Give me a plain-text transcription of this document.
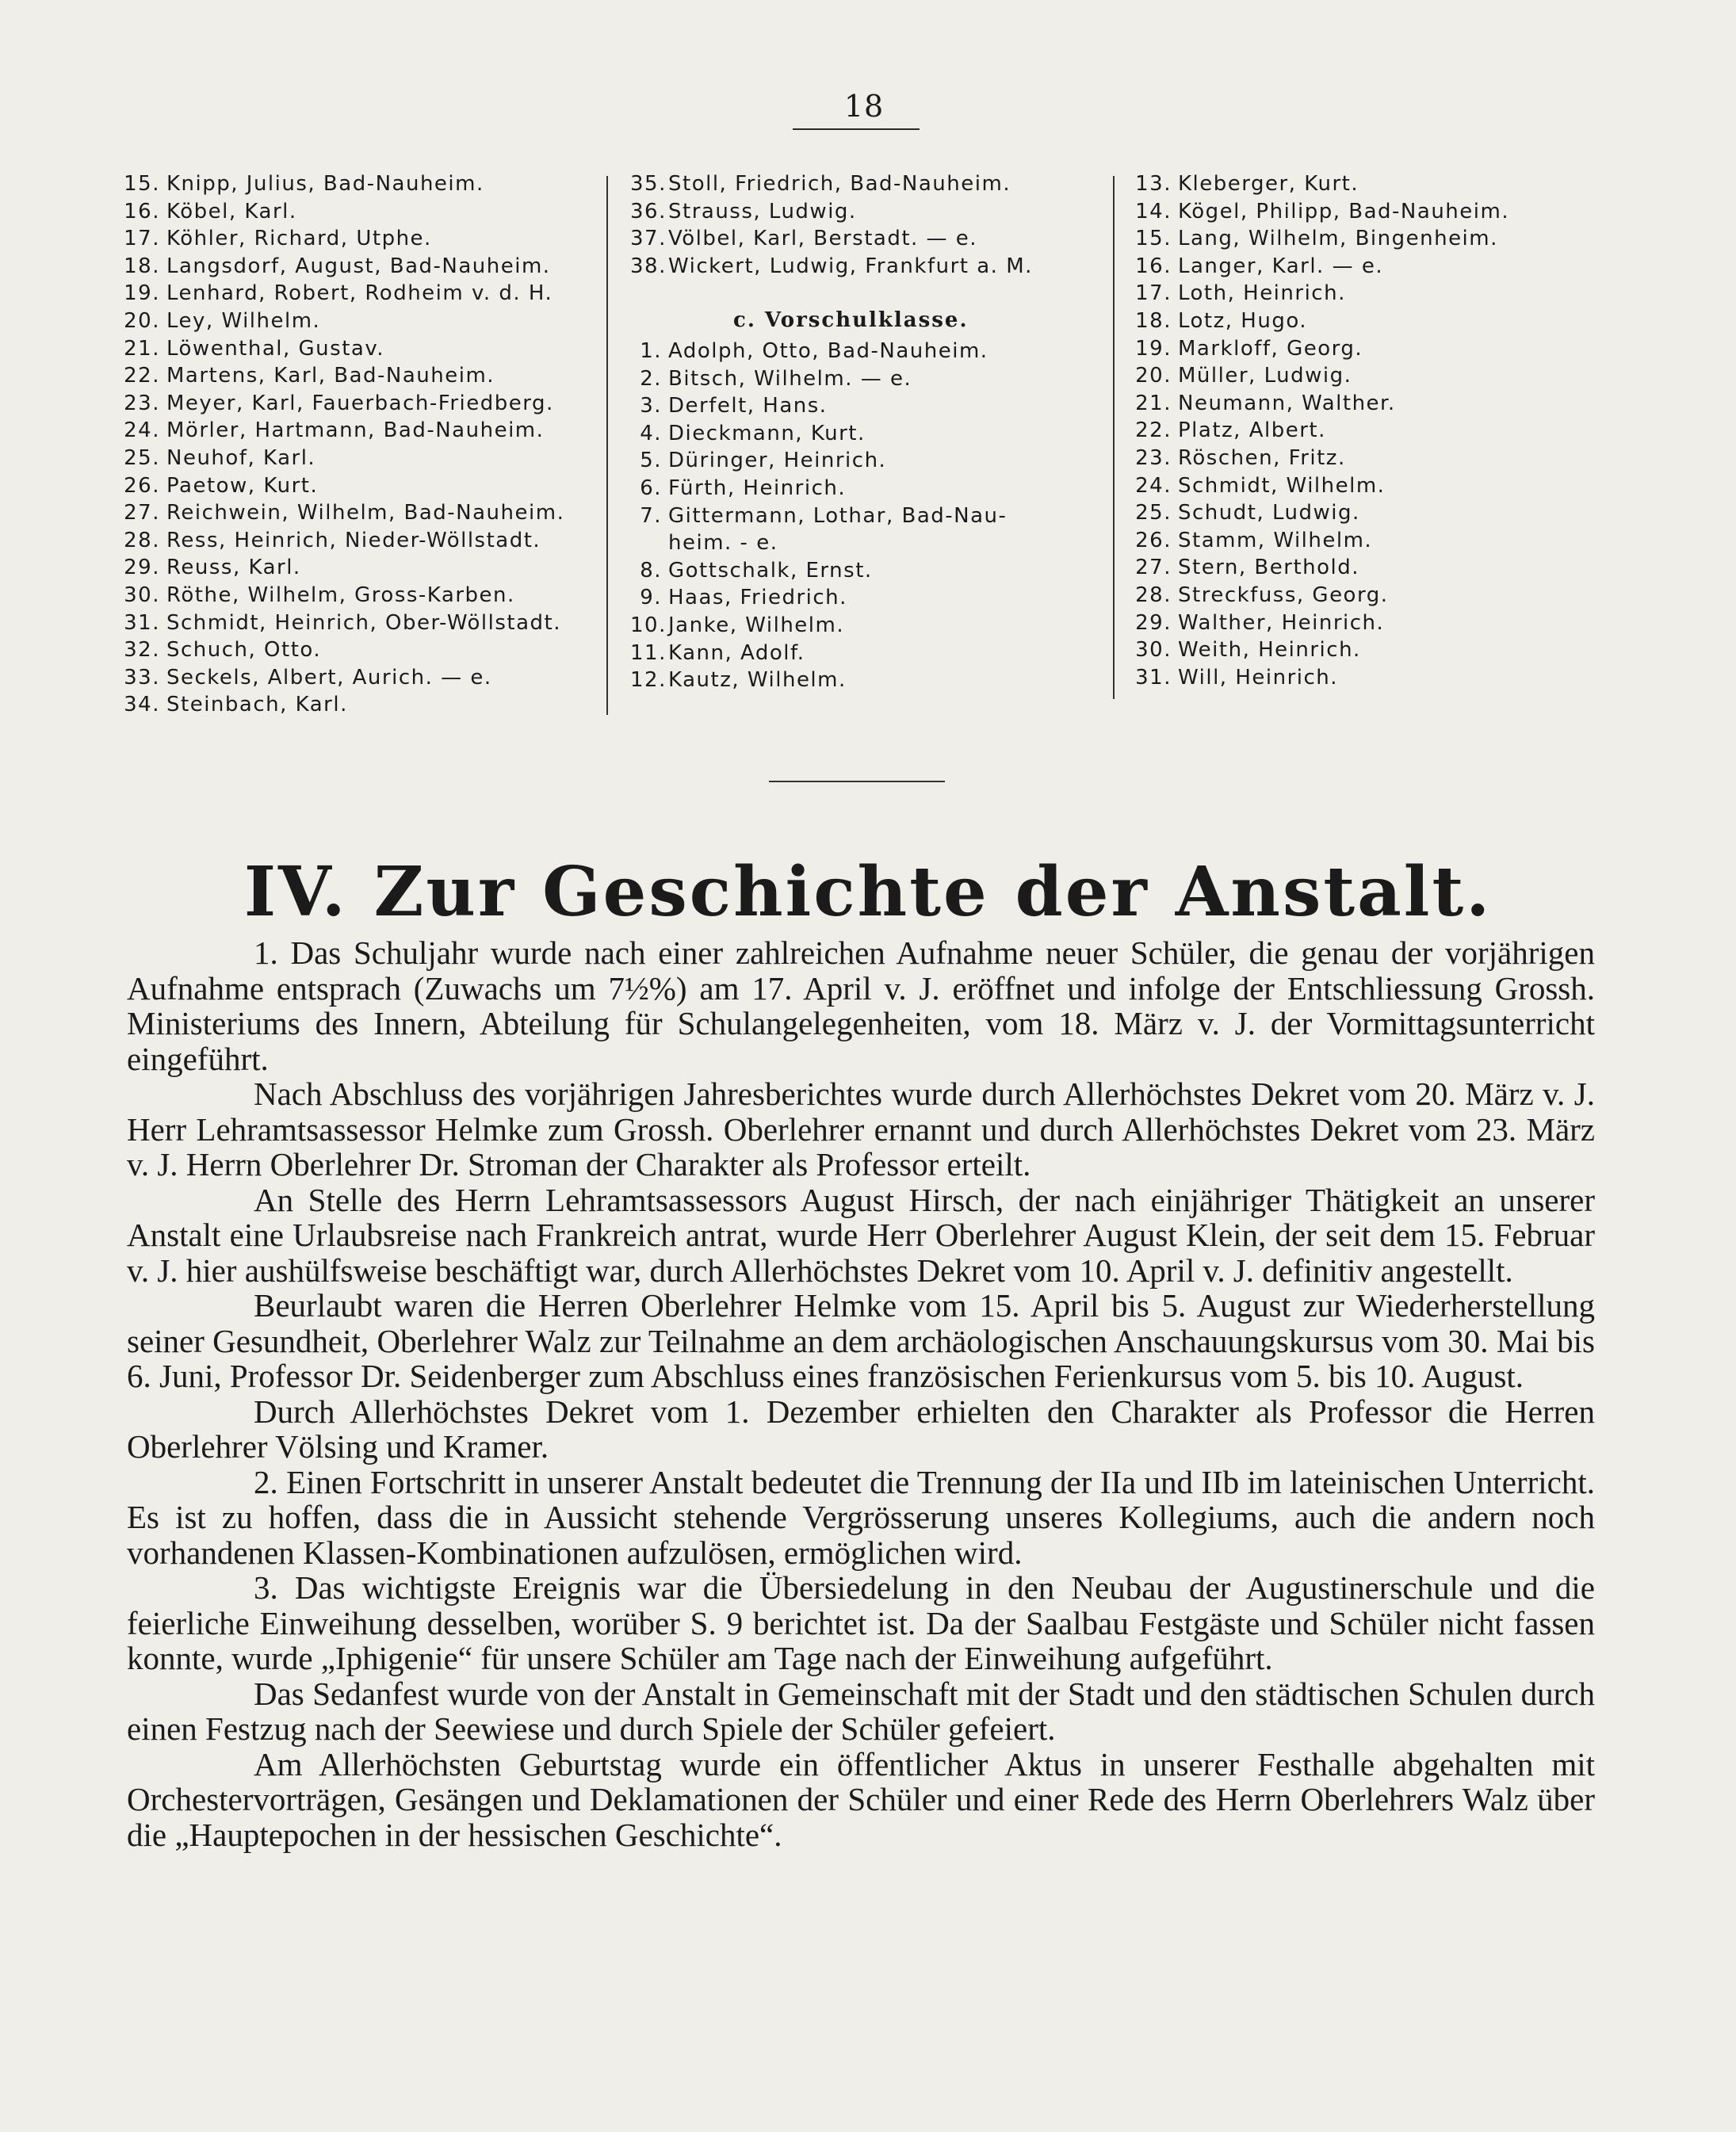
18
15. Knipp, Julius, Bad-Nauheim.
16. Köbel, Karl.
17. Köhler, Richard, Utphe.
18. Langsdorf, August, Bad-Nauheim.
19. Lenhard, Robert, Rodheim v. d. H.
20. Ley, Wilhelm.
21. Löwenthal, Gustav.
22. Martens, Karl, Bad-Nauheim.
23. Meyer, Karl, Fauerbach-Friedberg.
24. Mörler, Hartmann, Bad-Nauheim.
25. Neuhof, Karl.
26. Paetow, Kurt.
27. Reichwein, Wilhelm, Bad-Nauheim.
28. Ress, Heinrich, Nieder-Wöllstadt.
29. Reuss, Karl.
30. Röthe, Wilhelm, Gross-Karben.
31. Schmidt, Heinrich, Ober-Wöllstadt.
32. Schuch, Otto.
33. Seckels, Albert, Aurich. — e.
34. Steinbach, Karl.
35.Stoll, Friedrich, Bad-Nauheim.
36.Strauss, Ludwig.
37.Völbel, Karl, Berstadt. — e.
38.Wickert, Ludwig, Frankfurt a. M.
c. Vorschulklasse.
1. Adolph, Otto, Bad-Nauheim.
2. Bitsch, Wilhelm. — e.
3. Derfelt, Hans.
4. Dieckmann, Kurt.
5. Düringer, Heinrich.
6. Fürth, Heinrich.
7. Gittermann, Lothar, Bad-Nau-
heim. - e.
8. Gottschalk, Ernst.
9. Haas, Friedrich.
10.Janke, Wilhelm.
11.Kann, Adolf.
12.Kautz, Wilhelm.
13. Kleberger, Kurt.
14. Kögel, Philipp, Bad-Nauheim.
15. Lang, Wilhelm, Bingenheim.
16. Langer, Karl. — e.
17. Loth, Heinrich.
18. Lotz, Hugo.
19. Markloff, Georg.
20. Müller, Ludwig.
21. Neumann, Walther.
22. Platz, Albert.
23. Röschen, Fritz.
24. Schmidt, Wilhelm.
25. Schudt, Ludwig.
26. Stamm, Wilhelm.
27. Stern, Berthold.
28. Streckfuss, Georg.
29. Walther, Heinrich.
30. Weith, Heinrich.
31. Will, Heinrich.
IV. Zur Geschichte der Anstalt.

1. Das Schuljahr wurde nach einer zahlreichen Aufnahme neuer Schüler, die genau der vorjährigen Aufnahme entsprach (Zuwachs um 7½%) am 17. April v. J. eröffnet und infolge der Entschliessung Grossh. Ministeriums des Innern, Abteilung für Schulangelegenheiten, vom 18. März v. J. der Vormittagsunterricht eingeführt.

Nach Abschluss des vorjährigen Jahresberichtes wurde durch Allerhöchstes Dekret vom 20. März v. J. Herr Lehramtsassessor Helmke zum Grossh. Oberlehrer ernannt und durch Allerhöchstes Dekret vom 23. März v. J. Herrn Oberlehrer Dr. Stroman der Charakter als Professor erteilt.

An Stelle des Herrn Lehramtsassessors August Hirsch, der nach einjähriger Thätigkeit an unserer Anstalt eine Urlaubsreise nach Frankreich antrat, wurde Herr Oberlehrer August Klein, der seit dem 15. Februar v. J. hier aushülfsweise beschäftigt war, durch Allerhöchstes Dekret vom 10. April v. J. definitiv angestellt.

Beurlaubt waren die Herren Oberlehrer Helmke vom 15. April bis 5. August zur Wiederherstellung seiner Gesundheit, Oberlehrer Walz zur Teilnahme an dem archäologischen Anschauungskursus vom 30. Mai bis 6. Juni, Professor Dr. Seidenberger zum Abschluss eines französischen Ferienkursus vom 5. bis 10. August.

Durch Allerhöchstes Dekret vom 1. Dezember erhielten den Charakter als Professor die Herren Oberlehrer Völsing und Kramer.

2. Einen Fortschritt in unserer Anstalt bedeutet die Trennung der IIa und IIb im lateinischen Unterricht. Es ist zu hoffen, dass die in Aussicht stehende Vergrösserung unseres Kollegiums, auch die andern noch vorhandenen Klassen-Kombinationen aufzulösen, ermöglichen wird.

3. Das wichtigste Ereignis war die Übersiedelung in den Neubau der Augustinerschule und die feierliche Einweihung desselben, worüber S. 9 berichtet ist. Da der Saalbau Festgäste und Schüler nicht fassen konnte, wurde „Iphigenie“ für unsere Schüler am Tage nach der Einweihung aufgeführt.

Das Sedanfest wurde von der Anstalt in Gemeinschaft mit der Stadt und den städtischen Schulen durch einen Festzug nach der Seewiese und durch Spiele der Schüler gefeiert.

Am Allerhöchsten Geburtstag wurde ein öffentlicher Aktus in unserer Festhalle abgehalten mit Orchestervorträgen, Gesängen und Deklamationen der Schüler und einer Rede des Herrn Oberlehrers Walz über die „Hauptepochen in der hessischen Geschichte“.
